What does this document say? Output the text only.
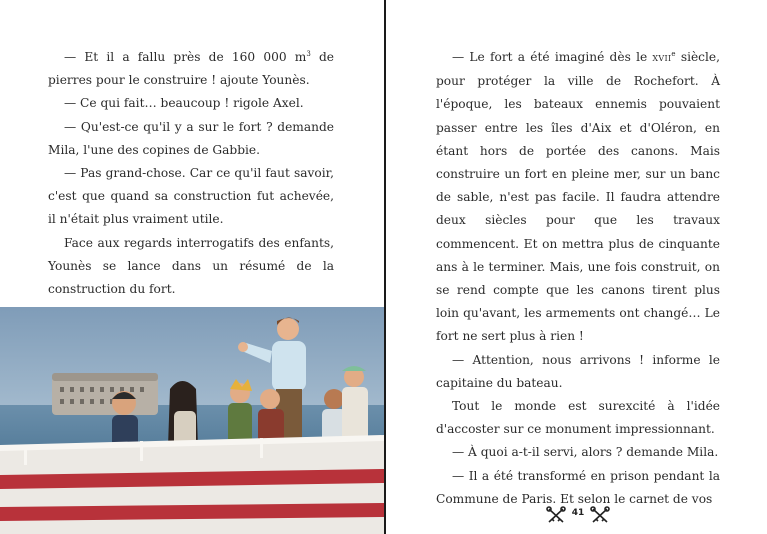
— Et il a fallu près de 160 000 $m^3$ de pierres pour le construire ! ajoute Younès.

— Ce qui fait… beaucoup ! rigole Axel.

— Qu'est-ce qu'il y a sur le fort ? demande Mila, l'une des copines de Gabbie.

— Pas grand-chose. Car ce qu'il faut savoir, c'est que quand sa construction fut achevée, il n'était plus vraiment utile.

Face aux regards interrogatifs des enfants, Younès se lance dans un résumé de la construction du fort.

— Le fort a été imaginé dès le XVIIe siècle, pour protéger la ville de Rochefort. À l'époque, les bateaux ennemis pouvaient passer entre les îles d'Aix et d'Oléron, en étant hors de portée des canons. Mais construire un fort en pleine mer, sur un banc de sable, n'est pas facile. Il faudra attendre deux siècles pour que les travaux commencent. Et on mettra plus de cinquante ans à le terminer. Mais, une fois construit, on se rend compte que les canons tirent plus loin qu'avant, les armements ont changé… Le fort ne sert plus à rien !

— Attention, nous arrivons ! informe le capitaine du bateau.

Tout le monde est surexcité à l'idée d'accoster sur ce monument impressionnant.

— À quoi a-t-il servi, alors ? demande Mila.

— Il a été transformé en prison pendant la Commune de Paris. Et selon le carnet de vos

41
